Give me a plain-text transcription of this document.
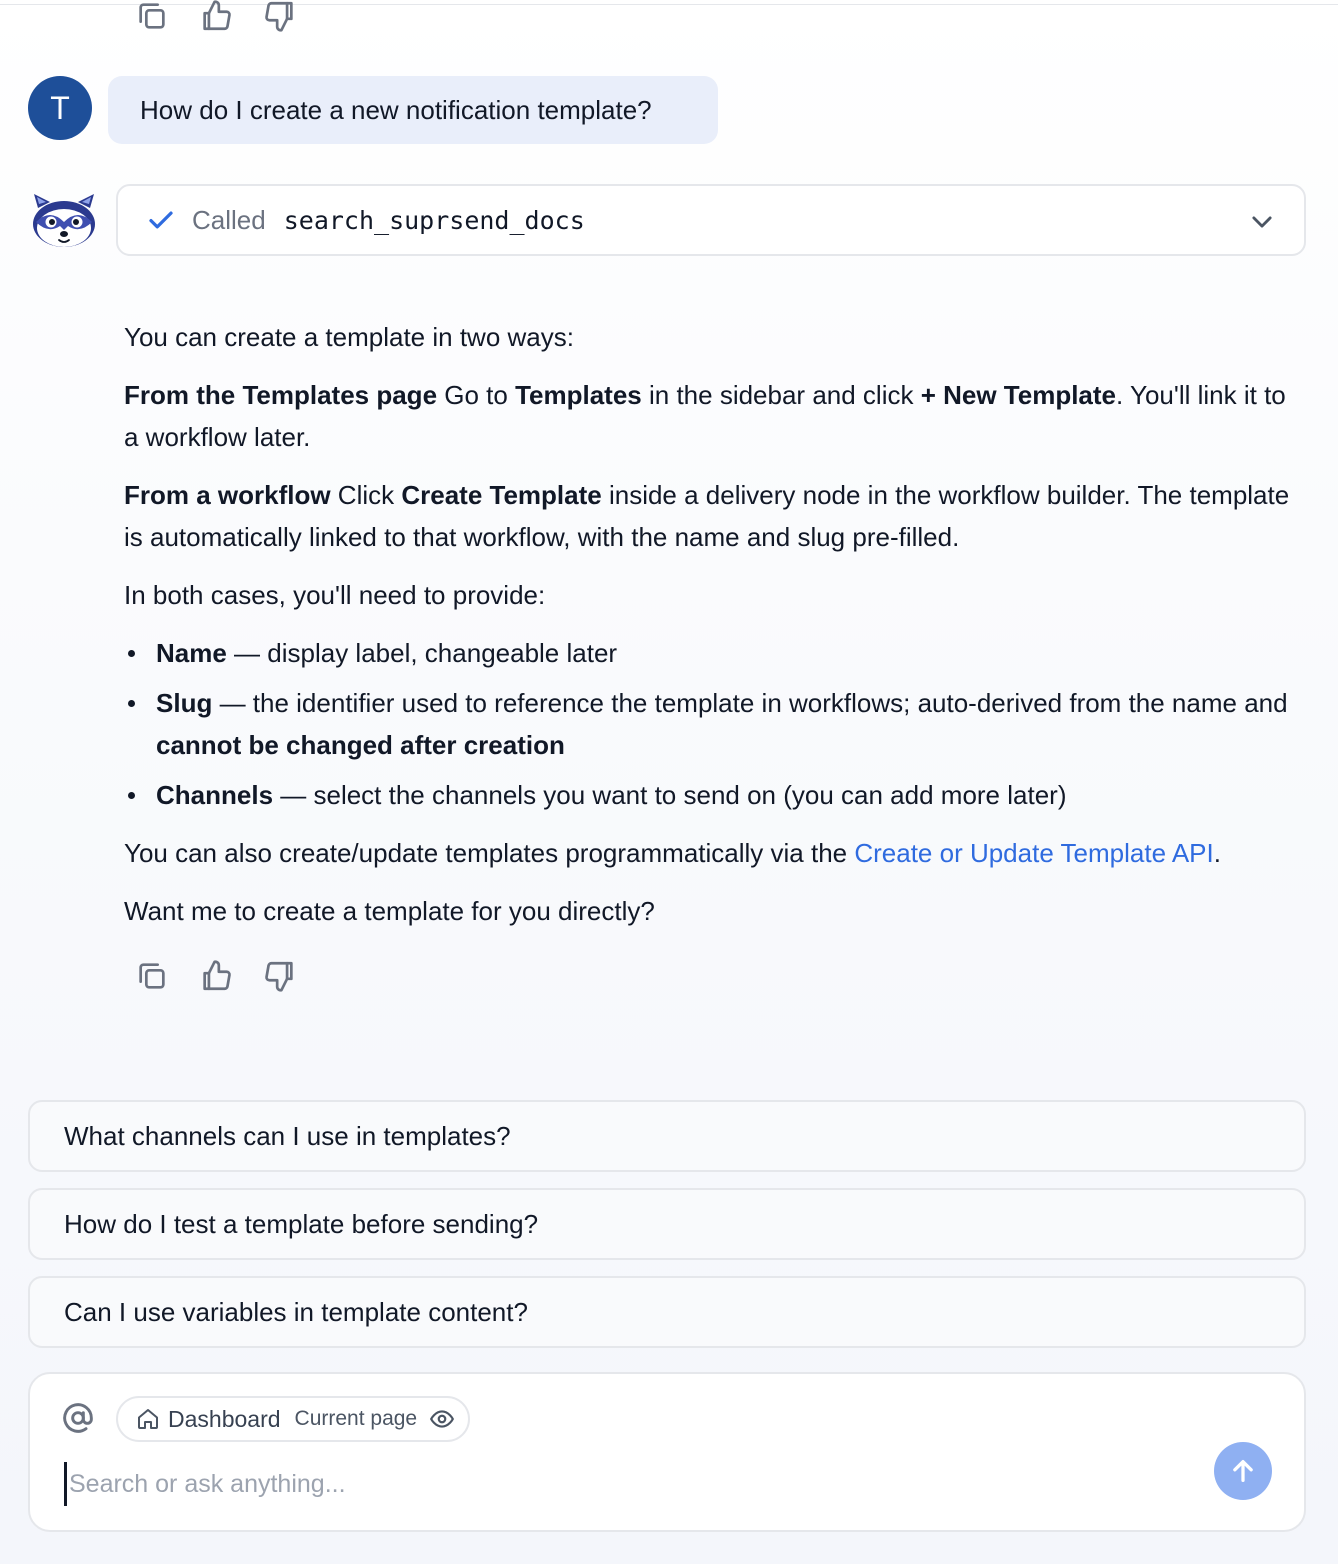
T	How do I create a new notification template?
Called search_suprsend_docs

You can create a template in two ways:

From the Templates page Go to Templates in the sidebar and click + New Template. You'll link it to a workflow later.

From a workflow Click Create Template inside a delivery node in the workflow builder. The template is automatically linked to that workflow, with the name and slug pre-filled.

In both cases, you'll need to provide:

Name — display label, changeable later
Slug — the identifier used to reference the template in workflows; auto-derived from the name and cannot be changed after creation
Channels — select the channels you want to send on (you can add more later)

You can also create/update templates programmatically via the Create or Update Template API.

Want me to create a template for you directly?

What channels can I use in templates?
How do I test a template before sending?
Can I use variables in template content?
Dashboard Current page
Search or ask anything...
